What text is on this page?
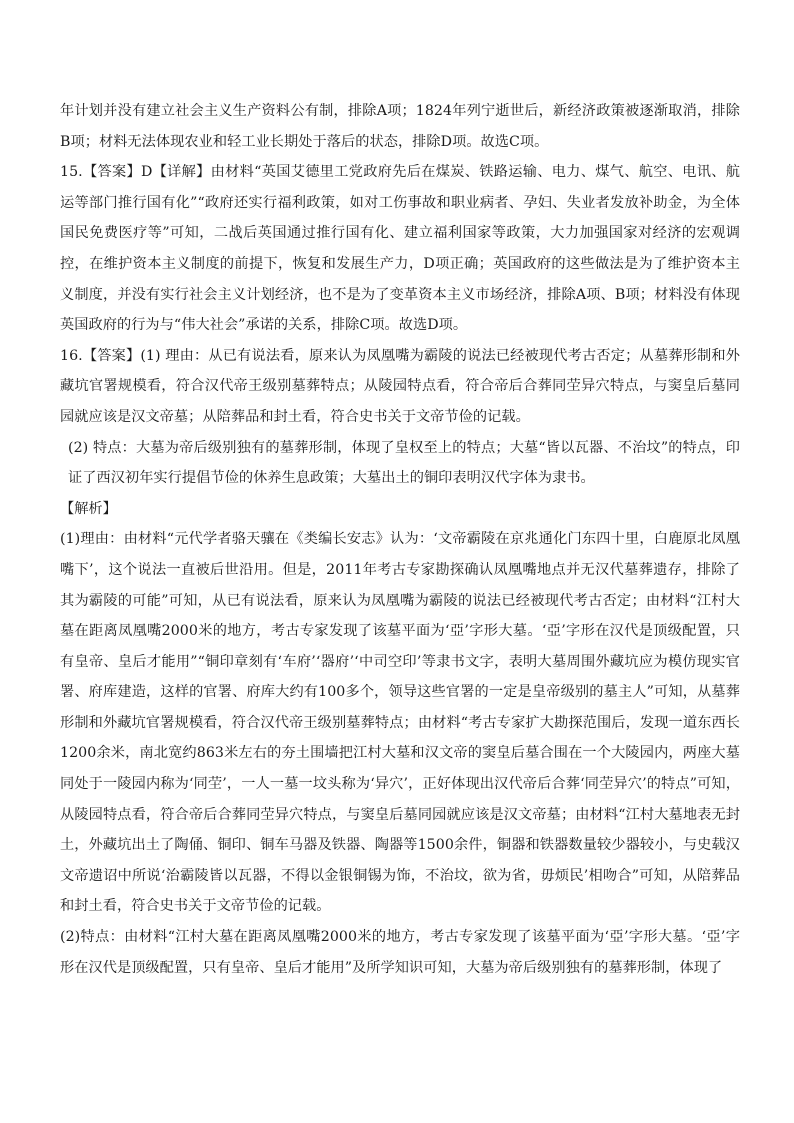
年计划并没有建立社会主义生产资料公有制，排除A项；1824年列宁逝世后，新经济政策被逐渐取消，排除B项；材料无法体现农业和轻工业长期处于落后的状态，排除D项。故选C项。

15.【答案】D【详解】由材料“英国艾德里工党政府先后在煤炭、铁路运输、电力、煤气、航空、电讯、航运等部门推行国有化”“政府还实行福利政策，如对工伤事故和职业病者、孕妇、失业者发放补助金，为全体国民免费医疗等”可知，二战后英国通过推行国有化、建立福利国家等政策，大力加强国家对经济的宏观调控，在维护资本主义制度的前提下，恢复和发展生产力，D项正确；英国政府的这些做法是为了维护资本主义制度，并没有实行社会主义计划经济，也不是为了变革资本主义市场经济，排除A项、B项；材料没有体现英国政府的行为与“伟大社会”承诺的关系，排除C项。故选D项。

16.【答案】(1) 理由：从已有说法看，原来认为凤凰嘴为霸陵的说法已经被现代考古否定；从墓葬形制和外藏坑官署规模看，符合汉代帝王级别墓葬特点；从陵园特点看，符合帝后合葬同茔异穴特点，与窦皇后墓同园就应该是汉文帝墓；从陪葬品和封土看，符合史书关于文帝节俭的记载。

(2) 特点：大墓为帝后级别独有的墓葬形制，体现了皇权至上的特点；大墓“皆以瓦器、不治坟”的特点，印证了西汉初年实行提倡节俭的休养生息政策；大墓出土的铜印表明汉代字体为隶书。

【解析】

(1)理由：由材料“元代学者骆天骧在《类编长安志》认为：‘文帝霸陵在京兆通化门东四十里，白鹿原北凤凰嘴下’，这个说法一直被后世沿用。但是，2011年考古专家勘探确认凤凰嘴地点并无汉代墓葬遗存，排除了其为霸陵的可能”可知，从已有说法看，原来认为凤凰嘴为霸陵的说法已经被现代考古否定；由材料“江村大墓在距离凤凰嘴2000米的地方，考古专家发现了该墓平面为‘亞’字形大墓。‘亞’字形在汉代是顶级配置，只有皇帝、皇后才能用”“铜印章刻有‘车府’‘器府’‘中司空印’等隶书文字，表明大墓周围外藏坑应为模仿现实官署、府库建造，这样的官署、府库大约有100多个，领导这些官署的一定是皇帝级别的墓主人”可知，从墓葬形制和外藏坑官署规模看，符合汉代帝王级别墓葬特点；由材料“考古专家扩大勘探范围后，发现一道东西长1200余米，南北宽约863米左右的夯土围墙把江村大墓和汉文帝的窦皇后墓合围在一个大陵园内，两座大墓同处于一陵园内称为‘同茔’，一人一墓一坟头称为‘异穴’，正好体现出汉代帝后合葬‘同茔异穴’的特点”可知，从陵园特点看，符合帝后合葬同茔异穴特点，与窦皇后墓同园就应该是汉文帝墓；由材料“江村大墓地表无封土，外藏坑出土了陶俑、铜印、铜车马器及铁器、陶器等1500余件，铜器和铁器数量较少器较小，与史载汉文帝遗诏中所说‘治霸陵皆以瓦器，不得以金银铜锡为饰，不治坟，欲为省，毋烦民’相吻合”可知，从陪葬品和封土看，符合史书关于文帝节俭的记载。

(2)特点：由材料“江村大墓在距离凤凰嘴2000米的地方，考古专家发现了该墓平面为‘亞’字形大墓。‘亞’字形在汉代是顶级配置，只有皇帝、皇后才能用”及所学知识可知，大墓为帝后级别独有的墓葬形制，体现了
